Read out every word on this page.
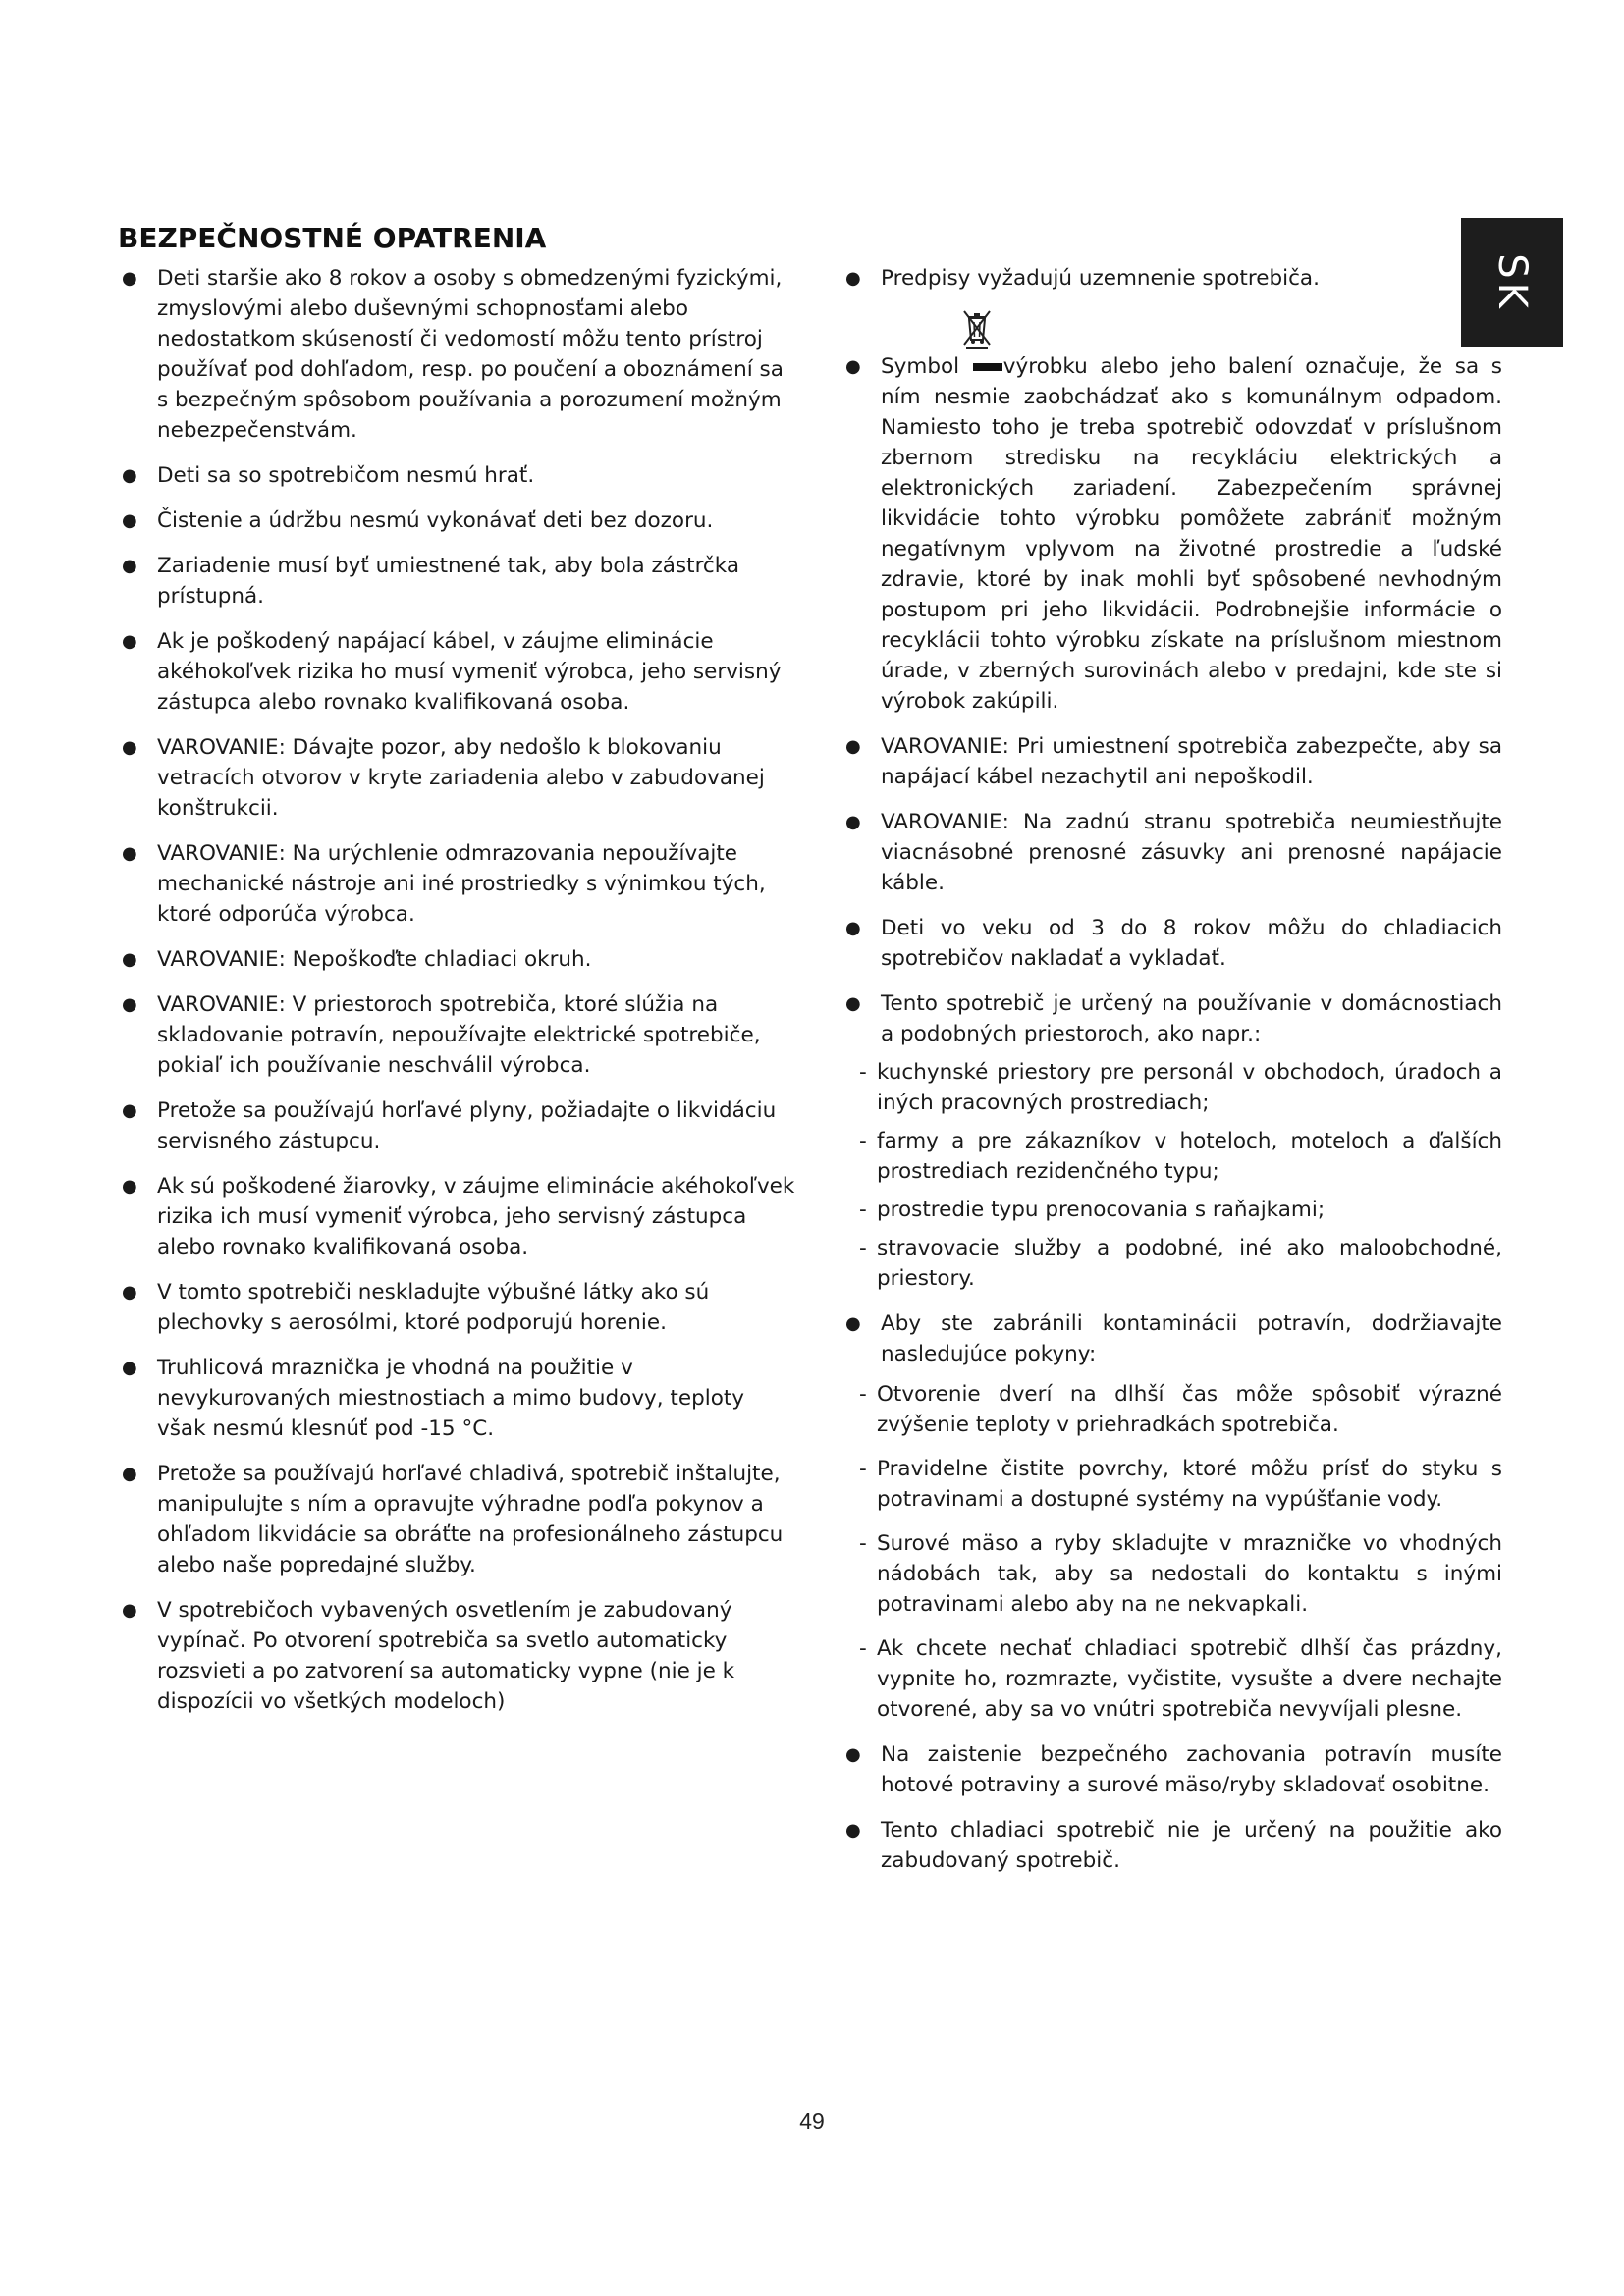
BEZPEČNOSTNÉ OPATRENIA
SK
● Deti staršie ako 8 rokov a osoby s obmedzenými fyzickými, zmyslovými alebo duševnými schopnosťami alebo nedostatkom skúseností či vedomostí môžu tento prístroj používať pod dohľadom, resp. po poučení a oboznámení sa s bezpečným spôsobom používania a porozumení možným nebezpečenstvám.
● Deti sa so spotrebičom nesmú hrať.
● Čistenie a údržbu nesmú vykonávať deti bez dozoru.
● Zariadenie musí byť umiestnené tak, aby bola zástrčka prístupná.
● Ak je poškodený napájací kábel, v záujme eliminácie akéhokoľvek rizika ho musí vymeniť výrobca, jeho servisný zástupca alebo rovnako kvalifikovaná osoba.
● VAROVANIE: Dávajte pozor, aby nedošlo k blokovaniu vetracích otvorov v kryte zariadenia alebo v zabudovanej konštrukcii.
● VAROVANIE: Na urýchlenie odmrazovania nepoužívajte mechanické nástroje ani iné prostriedky s výnimkou tých, ktoré odporúča výrobca.
● VAROVANIE: Nepoškoďte chladiaci okruh.
● VAROVANIE: V priestoroch spotrebiča, ktoré slúžia na skladovanie potravín, nepoužívajte elektrické spotrebiče, pokiaľ ich používanie neschválil výrobca.
● Pretože sa používajú horľavé plyny, požiadajte o likvidáciu servisného zástupcu.
● Ak sú poškodené žiarovky, v záujme eliminácie akéhokoľvek rizika ich musí vymeniť výrobca, jeho servisný zástupca alebo rovnako kvalifikovaná osoba.
● V tomto spotrebiči neskladujte výbušné látky ako sú plechovky s aerosólmi, ktoré podporujú horenie.
● Truhlicová mraznička je vhodná na použitie v nevykurovaných miestnostiach a mimo budovy, teploty však nesmú klesnúť pod -15 °C.
● Pretože sa používajú horľavé chladivá, spotrebič inštalujte, manipulujte s ním a opravujte výhradne podľa pokynov a ohľadom likvidácie sa obráťte na profesionálneho zástupcu alebo naše popredajné služby.
● V spotrebičoch vybavených osvetlením je zabudovaný vypínač. Po otvorení spotrebiča sa svetlo automaticky rozsvieti a po zatvorení sa automaticky vypne (nie je k dispozícii vo všetkých modeloch)
● Predpisy vyžadujú uzemnenie spotrebiča.
● Symbol výrobku alebo jeho balení označuje, že sa s ním nesmie zaobchádzať ako s komunálnym odpadom. Namiesto toho je treba spotrebič odovzdať v príslušnom zbernom stredisku na recykláciu elektrických a elektronických zariadení. Zabezpečením správnej likvidácie tohto výrobku pomôžete zabrániť možným negatívnym vplyvom na životné prostredie a ľudské zdravie, ktoré by inak mohli byť spôsobené nevhodným postupom pri jeho likvidácii. Podrobnejšie informácie o recyklácii tohto výrobku získate na príslušnom miestnom úrade, v zberných surovinách alebo v predajni, kde ste si výrobok zakúpili.
● VAROVANIE: Pri umiestnení spotrebiča zabezpečte, aby sa napájací kábel nezachytil ani nepoškodil.
● VAROVANIE: Na zadnú stranu spotrebiča neumiestňujte viacnásobné prenosné zásuvky ani prenosné napájacie káble.
● Deti vo veku od 3 do 8 rokov môžu do chladiacich spotrebičov nakladať a vykladať.
● Tento spotrebič je určený na používanie v domácnostiach a podobných priestoroch, ako napr.:
- kuchynské priestory pre personál v obchodoch, úradoch a iných pracovných prostrediach;
- farmy a pre zákazníkov v hoteloch, moteloch a ďalších prostrediach rezidenčného typu;
- prostredie typu prenocovania s raňajkami;
- stravovacie služby a podobné, iné ako maloobchodné, priestory.
● Aby ste zabránili kontaminácii potravín, dodržiavajte nasledujúce pokyny:
- Otvorenie dverí na dlhší čas môže spôsobiť výrazné zvýšenie teploty v priehradkách spotrebiča.
- Pravidelne čistite povrchy, ktoré môžu prísť do styku s potravinami a dostupné systémy na vypúšťanie vody.
- Surové mäso a ryby skladujte v mrazničke vo vhodných nádobách tak, aby sa nedostali do kontaktu s inými potravinami alebo aby na ne nekvapkali.
- Ak chcete nechať chladiaci spotrebič dlhší čas prázdny, vypnite ho, rozmrazte, vyčistite, vysušte a dvere nechajte otvorené, aby sa vo vnútri spotrebiča nevyvíjali plesne.
● Na zaistenie bezpečného zachovania potravín musíte hotové potraviny a surové mäso/ryby skladovať osobitne.
● Tento chladiaci spotrebič nie je určený na použitie ako zabudovaný spotrebič.
49
